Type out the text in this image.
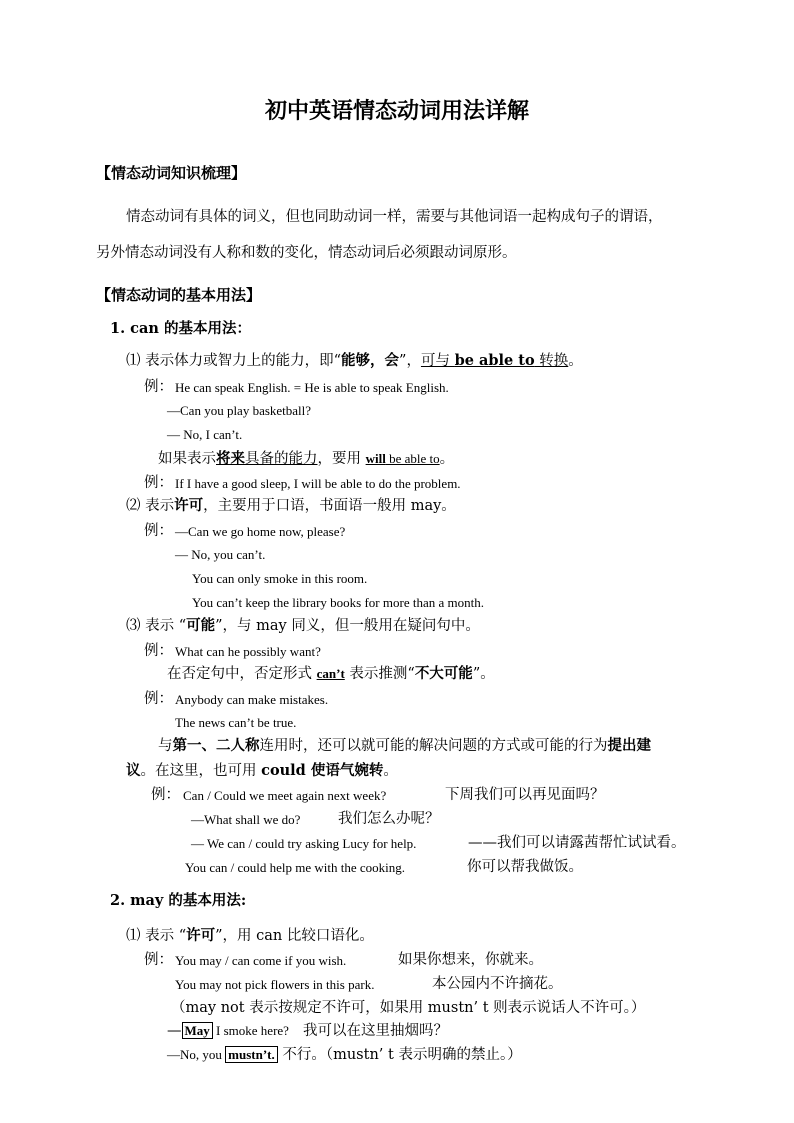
初中英语情态动词用法详解
【情态动词知识梳理】
情态动词有具体的词义，但也同助动词一样，需要与其他词语一起构成句子的谓语，
另外情态动词没有人称和数的变化，情态动词后必须跟动词原形。
【情态动词的基本用法】
1. can 的基本用法：
⑴ 表示体力或智力上的能力，即“能够，会”，可与 be able to 转换。
例： He can speak English. = He is able to speak English.
—Can you play basketball?
— No, I can’t.
如果表示将来具备的能力，要用 will be able to。
例： If I have a good sleep, I will be able to do the problem.
⑵ 表示许可，主要用于口语，书面语一般用 may。
例： —Can we go home now, please?
— No, you can’t.
You can only smoke in this room.
You can’t keep the library books for more than a month.
⑶ 表示 “可能”，与 may 同义，但一般用在疑问句中。
例： What can he possibly want?
在否定句中，否定形式 can’t 表示推测“不大可能”。
例： Anybody can make mistakes.
The news can’t be true.
与第一、二人称连用时，还可以就可能的解决问题的方式或可能的行为提出建
议。在这里，也可用 could 使语气婉转。
例： Can / Could we meet again next week?	下周我们可以再见面吗？
—What shall we do?	我们怎么办呢？
— We can / could try asking Lucy for help.	——我们可以请露茜帮忙试试看。
You can / could help me with the cooking.	你可以帮我做饭。
2. may 的基本用法:
⑴ 表示 “许可”，用 can 比较口语化。
例： You may / can come if you wish.	如果你想来，你就来。
You may not pick flowers in this park.	本公园内不许摘花。
（may not 表示按规定不许可，如果用 mustn’ t 则表示说话人不许可。）
— May I smoke here? 我可以在这里抽烟吗？
—No, you mustn’t. 不行。（mustn’ t 表示明确的禁止。）
